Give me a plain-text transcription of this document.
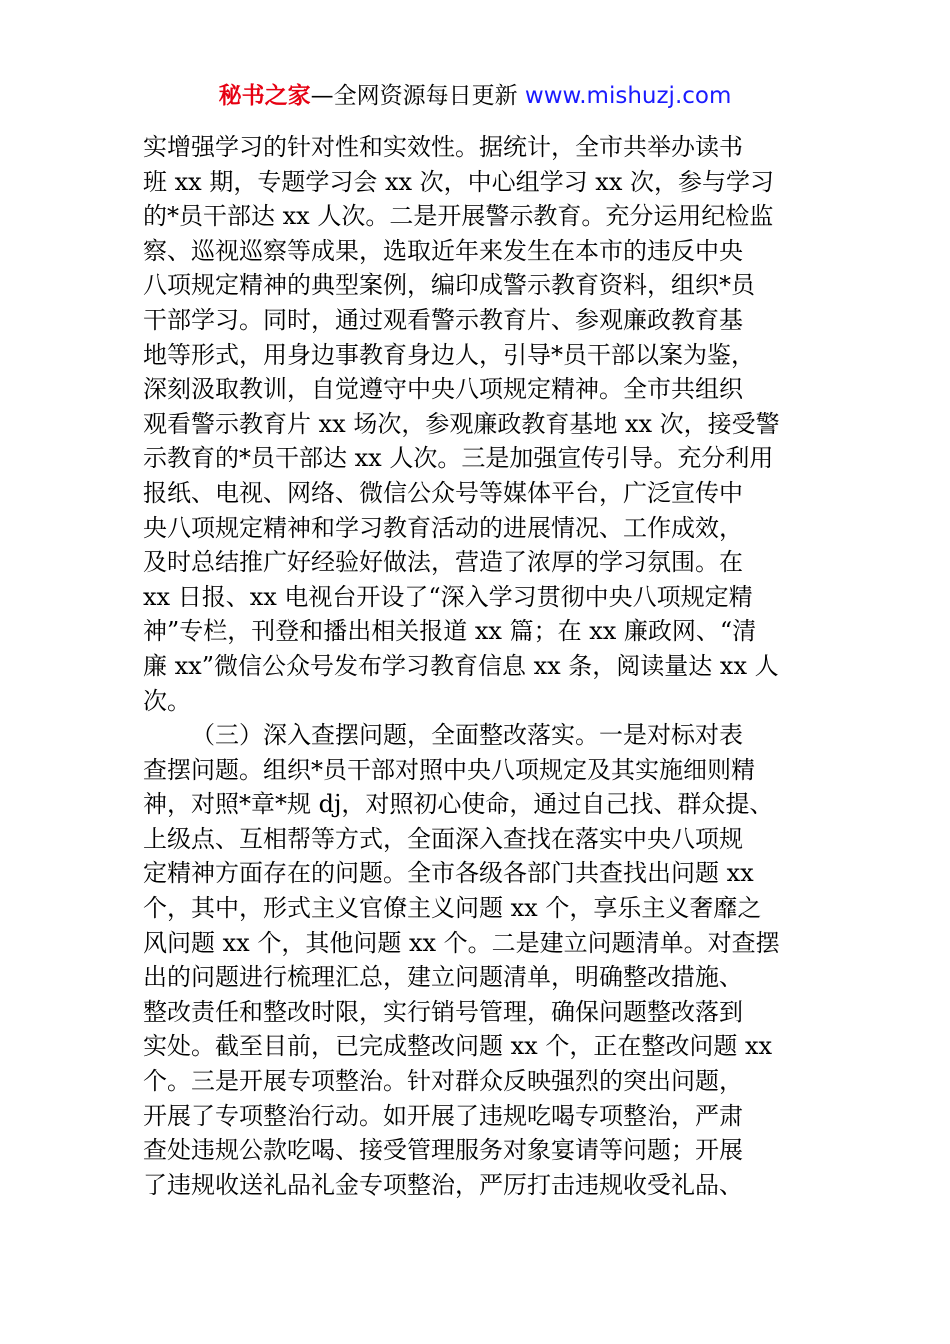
秘书之家—全网资源每日更新 www.mishuzj.com
实增强学习的针对性和实效性。据统计，全市共举办读书
班 xx 期，专题学习会 xx 次，中心组学习 xx 次，参与学习
的*员干部达 xx 人次。二是开展警示教育。充分运用纪检监
察、巡视巡察等成果，选取近年来发生在本市的违反中央
八项规定精神的典型案例，编印成警示教育资料，组织*员
干部学习。同时，通过观看警示教育片、参观廉政教育基
地等形式，用身边事教育身边人，引导*员干部以案为鉴，
深刻汲取教训，自觉遵守中央八项规定精神。全市共组织
观看警示教育片 xx 场次，参观廉政教育基地 xx 次，接受警
示教育的*员干部达 xx 人次。三是加强宣传引导。充分利用
报纸、电视、网络、微信公众号等媒体平台，广泛宣传中
央八项规定精神和学习教育活动的进展情况、工作成效，
及时总结推广好经验好做法，营造了浓厚的学习氛围。在
xx 日报、xx 电视台开设了“深入学习贯彻中央八项规定精
神”专栏，刊登和播出相关报道 xx 篇；在 xx 廉政网、“清
廉 xx”微信公众号发布学习教育信息 xx 条，阅读量达 xx 人
次。
（三）深入查摆问题，全面整改落实。一是对标对表
查摆问题。组织*员干部对照中央八项规定及其实施细则精
神，对照*章*规 dj，对照初心使命，通过自己找、群众提、
上级点、互相帮等方式，全面深入查找在落实中央八项规
定精神方面存在的问题。全市各级各部门共查找出问题 xx
个，其中，形式主义官僚主义问题 xx 个，享乐主义奢靡之
风问题 xx 个，其他问题 xx 个。二是建立问题清单。对查摆
出的问题进行梳理汇总，建立问题清单，明确整改措施、
整改责任和整改时限，实行销号管理，确保问题整改落到
实处。截至目前，已完成整改问题 xx 个，正在整改问题 xx
个。三是开展专项整治。针对群众反映强烈的突出问题，
开展了专项整治行动。如开展了违规吃喝专项整治，严肃
查处违规公款吃喝、接受管理服务对象宴请等问题；开展
了违规收送礼品礼金专项整治，严厉打击违规收受礼品、
